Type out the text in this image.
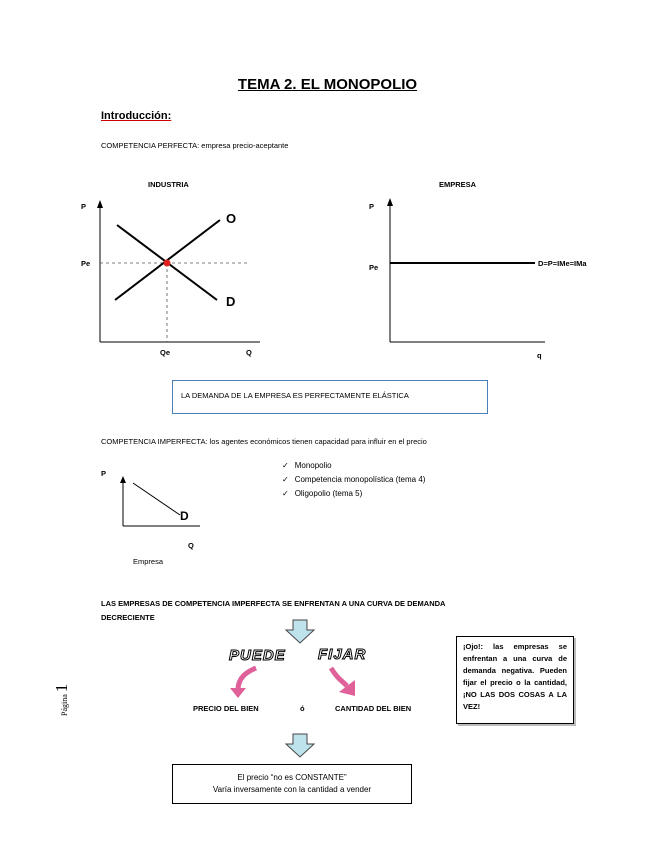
TEMA 2. EL MONOPOLIO
Introducción:
COMPETENCIA PERFECTA: empresa precio-aceptante
INDUSTRIA
P
Pe
O
D
Qe	Q
EMPRESA
P
Pe	D=P=IMe=IMa
q
LA DEMANDA DE LA EMPRESA ES PERFECTAMENTE ELÁSTICA
COMPETENCIA IMPERFECTA: los agentes económicos tienen capacidad para influir en el precio
P
D
Q
Empresa
✓ Monopolio
✓ Competencia monopolística (tema 4)
✓ Oligopolio (tema 5)
LAS EMPRESAS DE COMPETENCIA IMPERFECTA SE ENFRENTAN A UNA CURVA DE DEMANDA
DECRECIENTE
PUEDE FIJAR
PRECIO DEL BIEN	ó	CANTIDAD DEL BIEN
¡Ojo!: las empresas se enfrentan a una curva de demanda negativa. Pueden fijar el precio o la cantidad, ¡NO LAS DOS COSAS A LA VEZ!
Página 1
El precio “no es CONSTANTE”
Varía inversamente con la cantidad a vender
